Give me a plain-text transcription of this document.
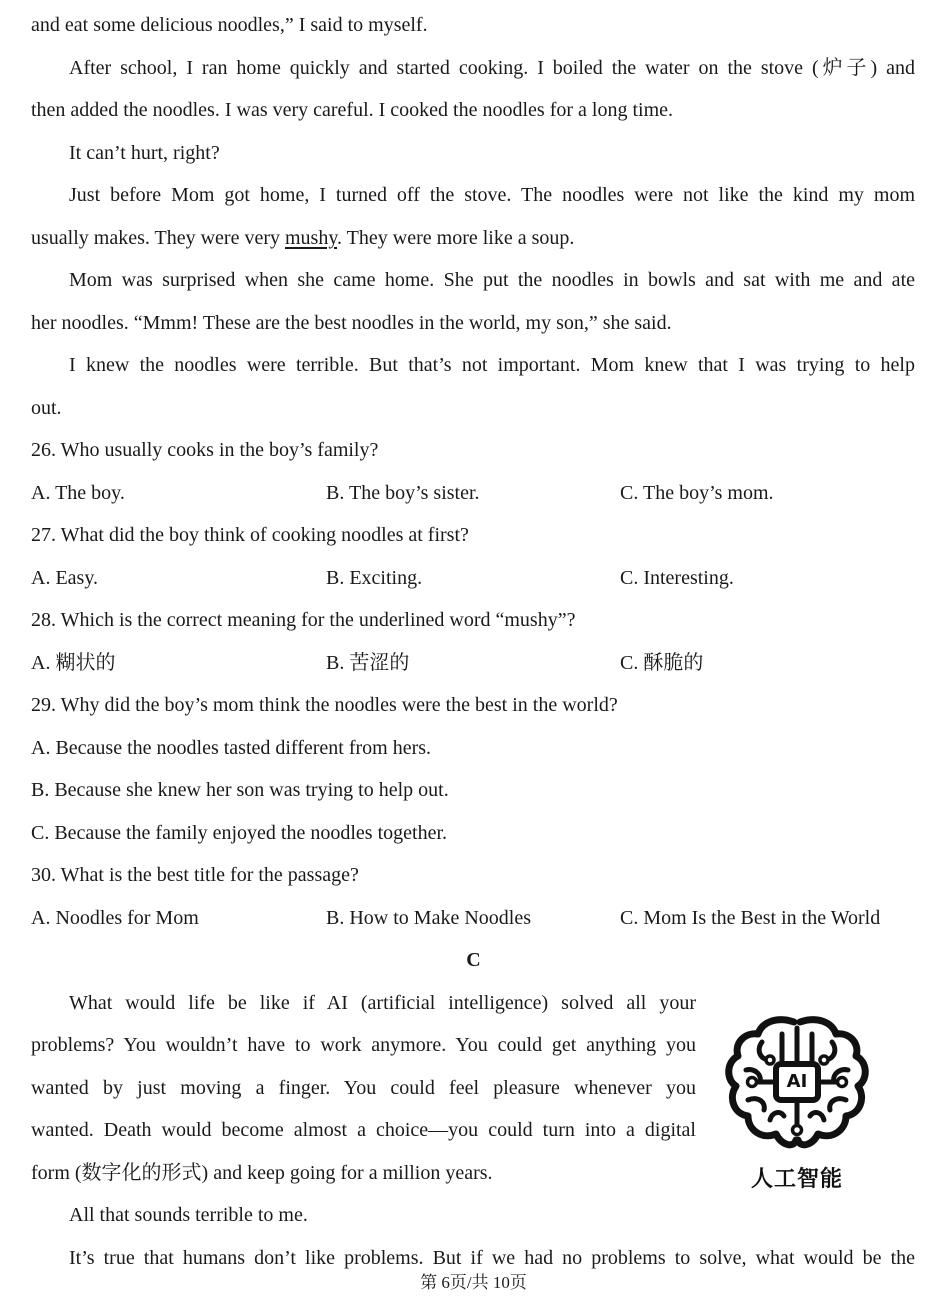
and eat some delicious noodles,” I said to myself.
After school, I ran home quickly and started cooking. I boiled the water on the stove (炉子) and
then added the noodles. I was very careful. I cooked the noodles for a long time.
It can’t hurt, right?
Just before Mom got home, I turned off the stove. The noodles were not like the kind my mom
usually makes. They were very mushy. They were more like a soup.
Mom was surprised when she came home. She put the noodles in bowls and sat with me and ate
her noodles. “Mmm! These are the best noodles in the world, my son,” she said.
I knew the noodles were terrible. But that’s not important. Mom knew that I was trying to help
out.
26. Who usually cooks in the boy’s family?
A. The boy.	B. The boy’s sister.	C. The boy’s mom.
27. What did the boy think of cooking noodles at first?
A. Easy.	B. Exciting.	C. Interesting.
28. Which is the correct meaning for the underlined word “mushy”?
A. 糊状的	B. 苦涩的	C. 酥脆的
29. Why did the boy’s mom think the noodles were the best in the world?
A. Because the noodles tasted different from hers.
B. Because she knew her son was trying to help out.
C. Because the family enjoyed the noodles together.
30. What is the best title for the passage?
A. Noodles for Mom	B. How to Make Noodles	C. Mom Is the Best in the World
C
What would life be like if AI (artificial intelligence) solved all your
problems? You wouldn’t have to work anymore. You could get anything you
wanted by just moving a finger. You could feel pleasure whenever you
wanted. Death would become almost a choice—you could turn into a digital
form (数字化的形式) and keep going for a million years.
All that sounds terrible to me.
It’s true that humans don’t like problems. But if we had no problems to solve, what would be the
AI
人工智能
第 6页/共 10页
